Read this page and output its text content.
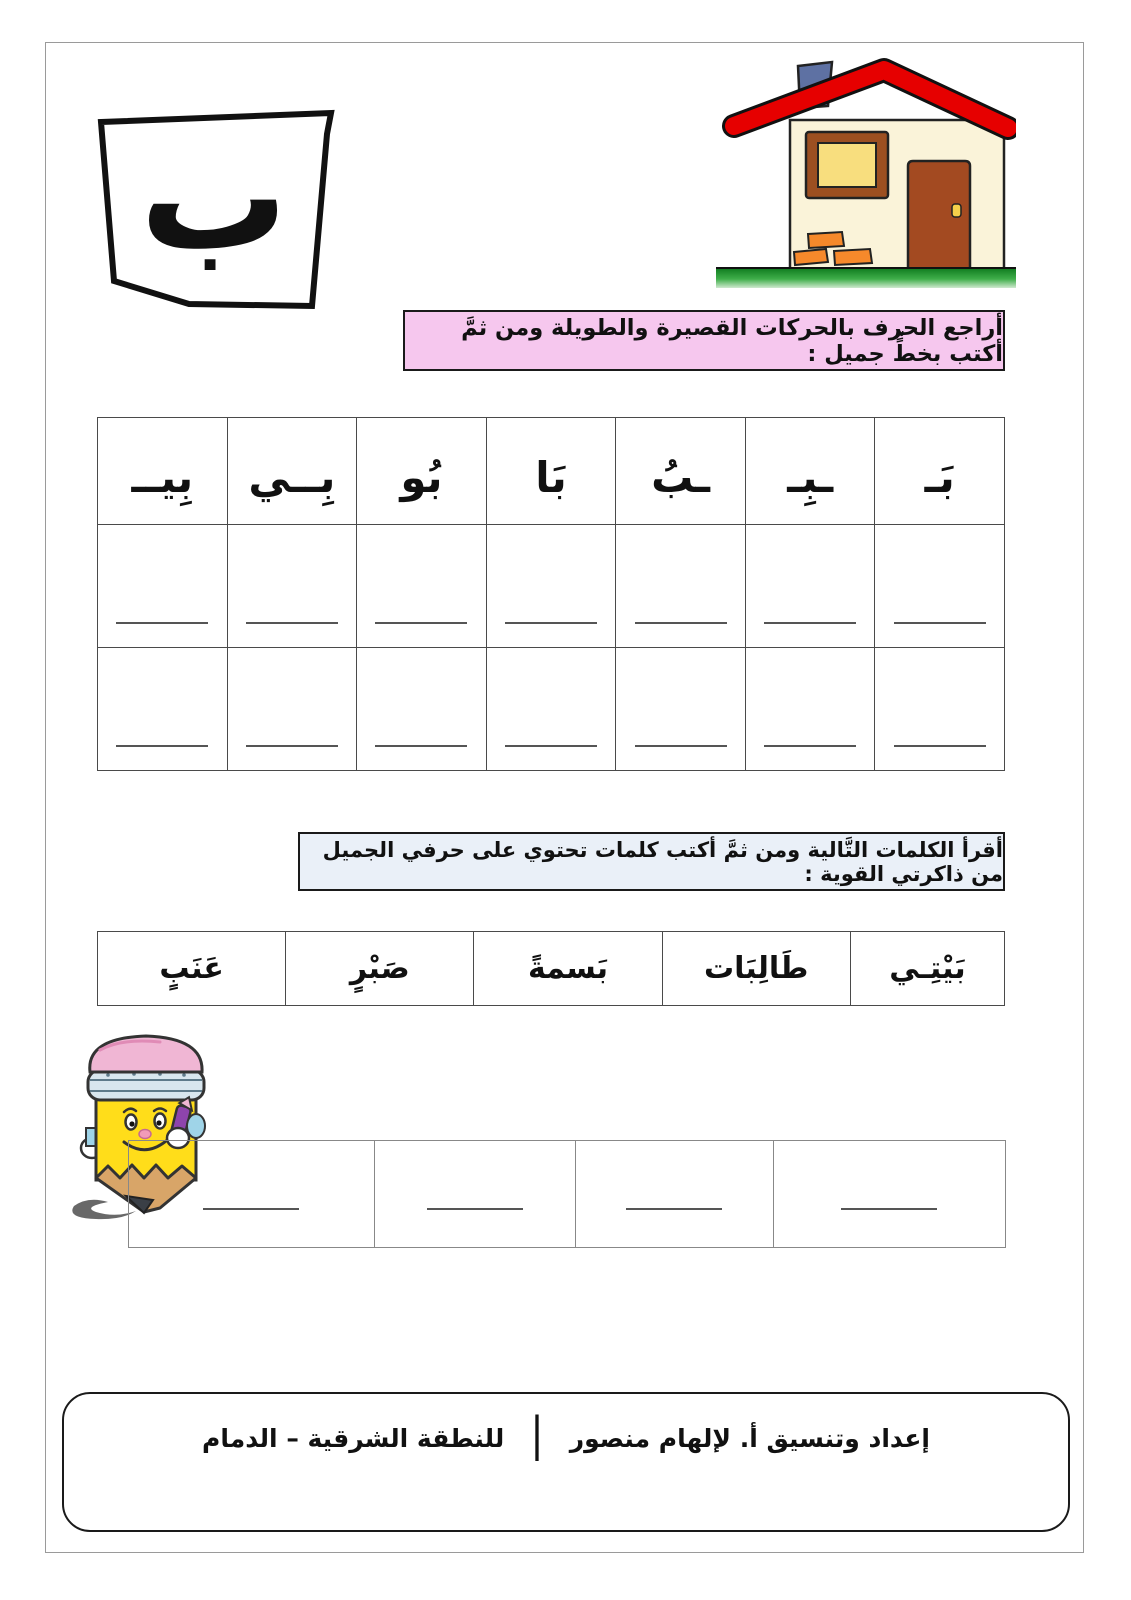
ب
أراجع الحرف بالحركات القصيرة والطويلة ومن ثمَّ أكتب بخطٍّ جميل :
بَـ	ـبِـ	ـبُ	بَا	بُو	بِــي	بِيــ

أقرأ الكلمات التَّالية ومن ثمَّ أكتب كلمات تحتوي على حرفي الجميل من ذاكرتي القوية :
بَيْتِـي	طَالِبَات	بَسمةً	صَبْرٍ	عَنَبٍ

إعداد وتنسيق أ. لإلهام منصور
|
للنطقة الشرقية – الدمام
